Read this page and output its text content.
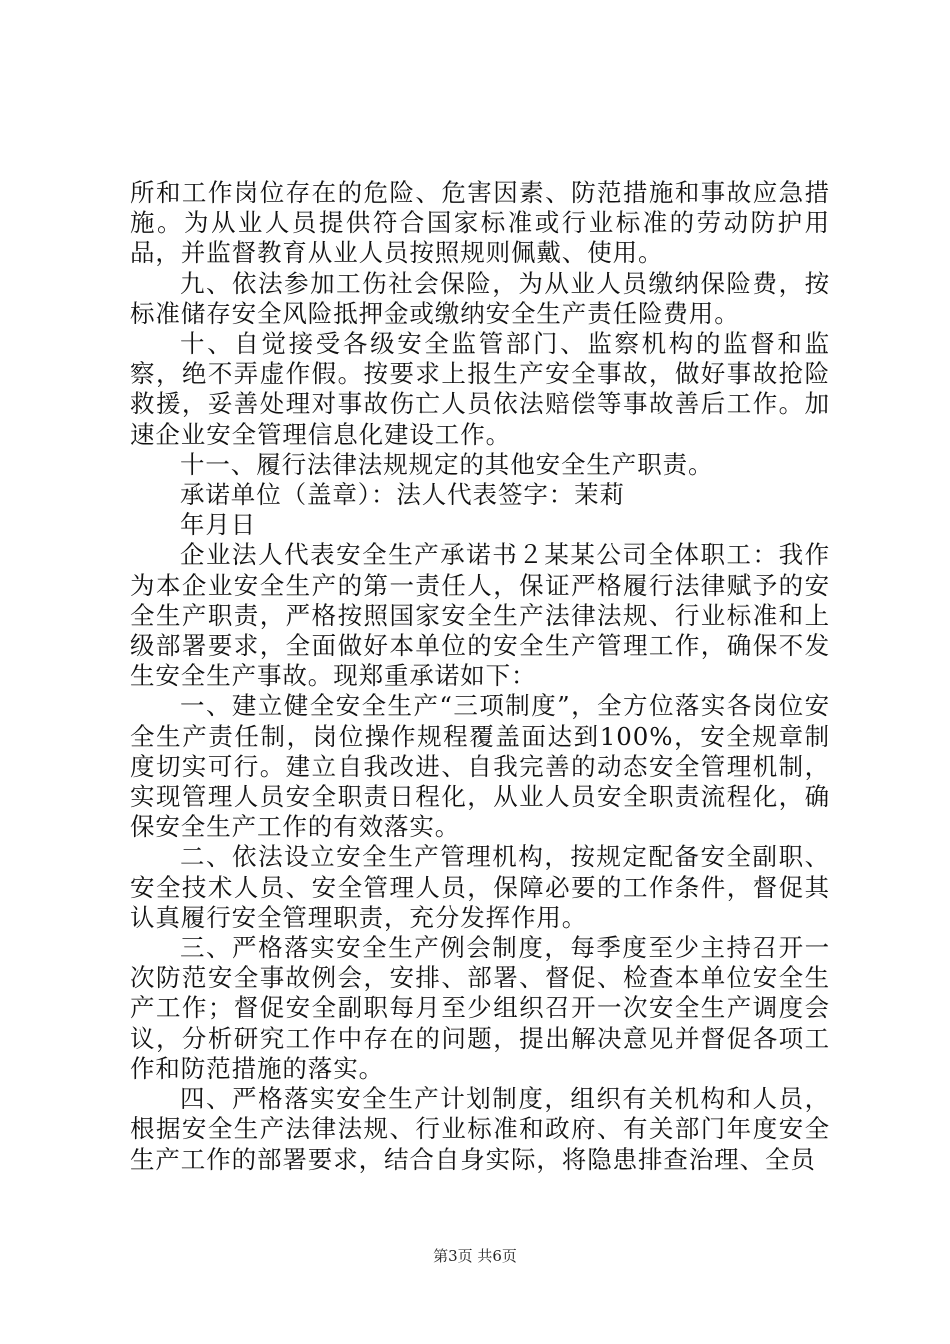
所和工作岗位存在的危险、危害因素、防范措施和事故应急措施。为从业人员提供符合国家标准或行业标准的劳动防护用品，并监督教育从业人员按照规则佩戴、使用。

九、依法参加工伤社会保险，为从业人员缴纳保险费，按标准储存安全风险抵押金或缴纳安全生产责任险费用。

十、自觉接受各级安全监管部门、监察机构的监督和监察，绝不弄虚作假。按要求上报生产安全事故，做好事故抢险救援，妥善处理对事故伤亡人员依法赔偿等事故善后工作。加速企业安全管理信息化建设工作。

十一、履行法律法规规定的其他安全生产职责。

承诺单位（盖章）：法人代表签字：茉莉

年月日

企业法人代表安全生产承诺书２某某公司全体职工：我作为本企业安全生产的第一责任人，保证严格履行法律赋予的安全生产职责，严格按照国家安全生产法律法规、行业标准和上级部署要求，全面做好本单位的安全生产管理工作，确保不发生安全生产事故。现郑重承诺如下：

一、建立健全安全生产“三项制度”，全方位落实各岗位安全生产责任制，岗位操作规程覆盖面达到100%，安全规章制度切实可行。建立自我改进、自我完善的动态安全管理机制，实现管理人员安全职责日程化，从业人员安全职责流程化，确保安全生产工作的有效落实。

二、依法设立安全生产管理机构，按规定配备安全副职、安全技术人员、安全管理人员，保障必要的工作条件，督促其认真履行安全管理职责，充分发挥作用。

三、严格落实安全生产例会制度，每季度至少主持召开一次防范安全事故例会，安排、部署、督促、检查本单位安全生产工作；督促安全副职每月至少组织召开一次安全生产调度会议，分析研究工作中存在的问题，提出解决意见并督促各项工作和防范措施的落实。

四、严格落实安全生产计划制度，组织有关机构和人员，根据安全生产法律法规、行业标准和政府、有关部门年度安全生产工作的部署要求，结合自身实际，将隐患排查治理、全员

第3页 共6页
